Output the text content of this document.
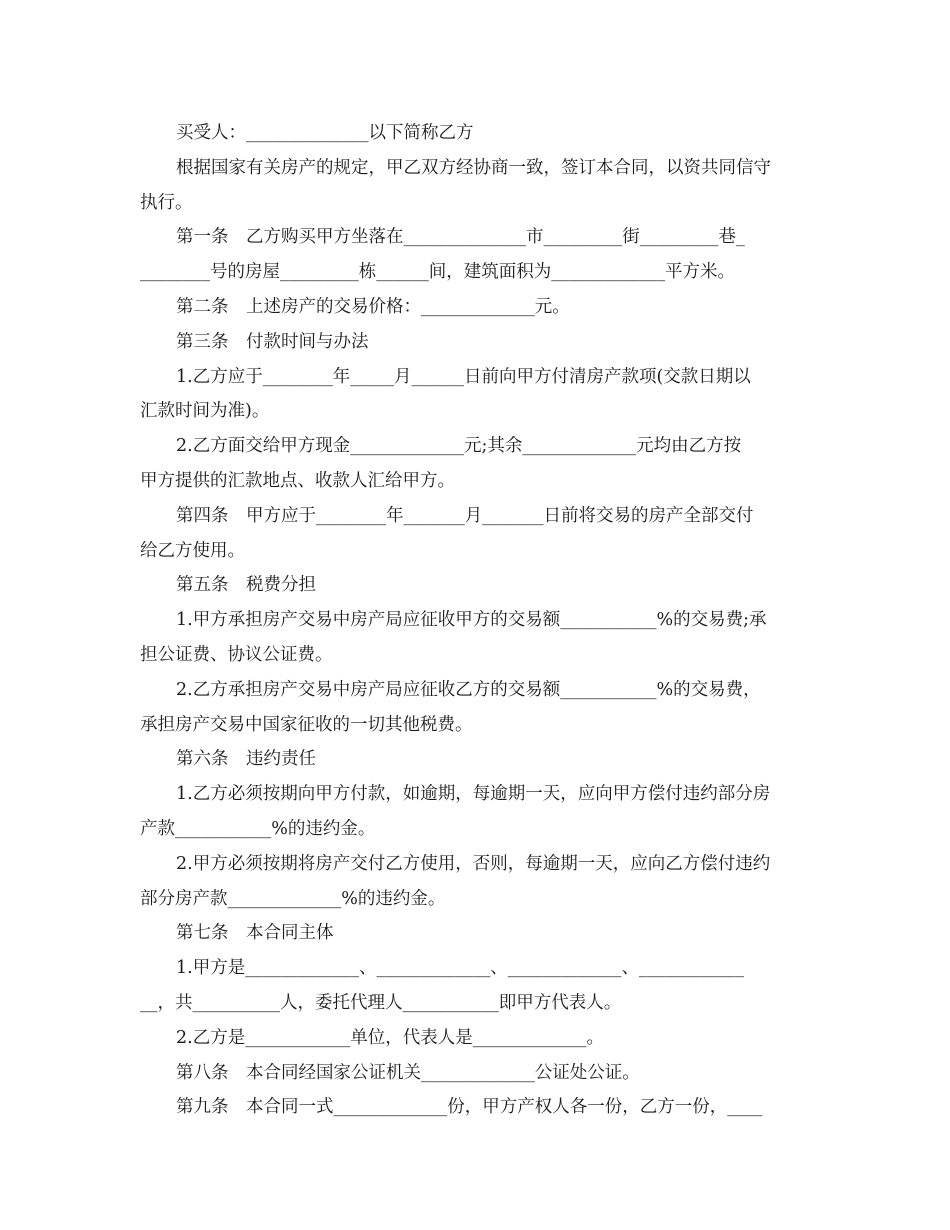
买受人：______________以下简称乙方
根据国家有关房产的规定，甲乙双方经协商一致，签订本合同，以资共同信守
执行。
第一条　乙方购买甲方坐落在______________市_________街_________巷_
________号的房屋_________栋______间，建筑面积为_____________平方米。
第二条　上述房产的交易价格：_____________元。
第三条　付款时间与办法
1.乙方应于________年_____月______日前向甲方付清房产款项(交款日期以
汇款时间为准)。
2.乙方面交给甲方现金_____________元;其余_____________元均由乙方按
甲方提供的汇款地点、收款人汇给甲方。
第四条　甲方应于________年_______月_______日前将交易的房产全部交付
给乙方使用。
第五条　税费分担
1.甲方承担房产交易中房产局应征收甲方的交易额___________%的交易费;承
担公证费、协议公证费。
2.乙方承担房产交易中房产局应征收乙方的交易额___________%的交易费，
承担房产交易中国家征收的一切其他税费。
第六条　违约责任
1.乙方必须按期向甲方付款，如逾期，每逾期一天，应向甲方偿付违约部分房
产款___________%的违约金。
2.甲方必须按期将房产交付乙方使用，否则，每逾期一天，应向乙方偿付违约
部分房产款_____________%的违约金。
第七条　本合同主体
1.甲方是_____________、_____________、_____________、____________
__，共__________人，委托代理人___________即甲方代表人。
2.乙方是____________单位，代表人是_____________。
第八条　本合同经国家公证机关_____________公证处公证。
第九条　本合同一式_____________份，甲方产权人各一份，乙方一份，____
